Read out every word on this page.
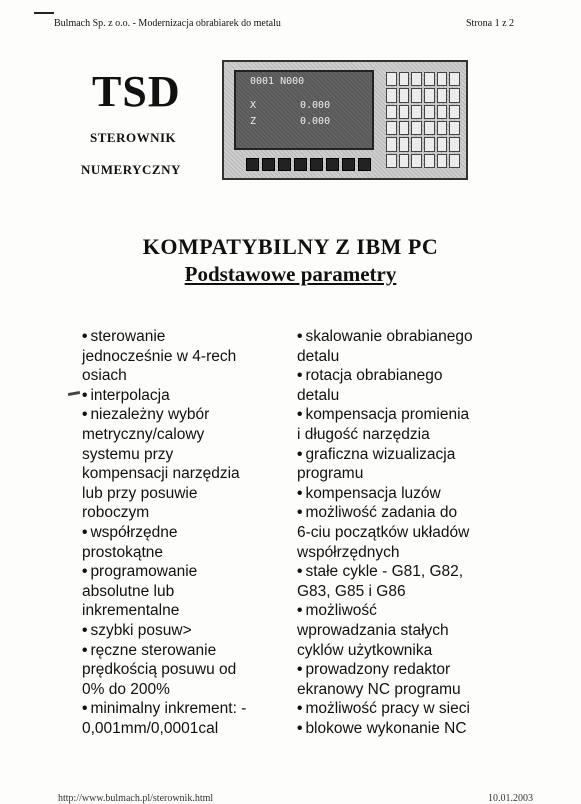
Bulmach Sp. z o.o. - Modernizacja obrabiarek do metalu	Strona 1 z 2
TSD
STEROWNIK
NUMERYCZNY
0001 N000
X	0.000
Z	0.000
KOMPATYBILNY Z IBM PC
Podstawowe parametry
• sterowanie
jednocześnie w 4-rech
osiach
• interpolacja
• niezależny wybór
metryczny/calowy
systemu przy
kompensacji narzędzia
lub przy posuwie
roboczym
• współrzędne
prostokątne
• programowanie
absolutne lub
inkrementalne
• szybki posuw>
• ręczne sterowanie
prędkością posuwu od
0% do 200%
• minimalny inkrement: -
0,001mm/0,0001cal
• skalowanie obrabianego
detalu
• rotacja obrabianego
detalu
• kompensacja promienia
i długość narzędzia
• graficzna wizualizacja
programu
• kompensacja luzów
• możliwość zadania do
6-ciu początków układów
współrzędnych
• stałe cykle - G81, G82,
G83, G85 i G86
• możliwość
wprowadzania stałych
cyklów użytkownika
• prowadzony redaktor
ekranowy NC programu
• możliwość pracy w sieci
• blokowe wykonanie NC
http://www.bulmach.pl/sterownik.html	10.01.2003
